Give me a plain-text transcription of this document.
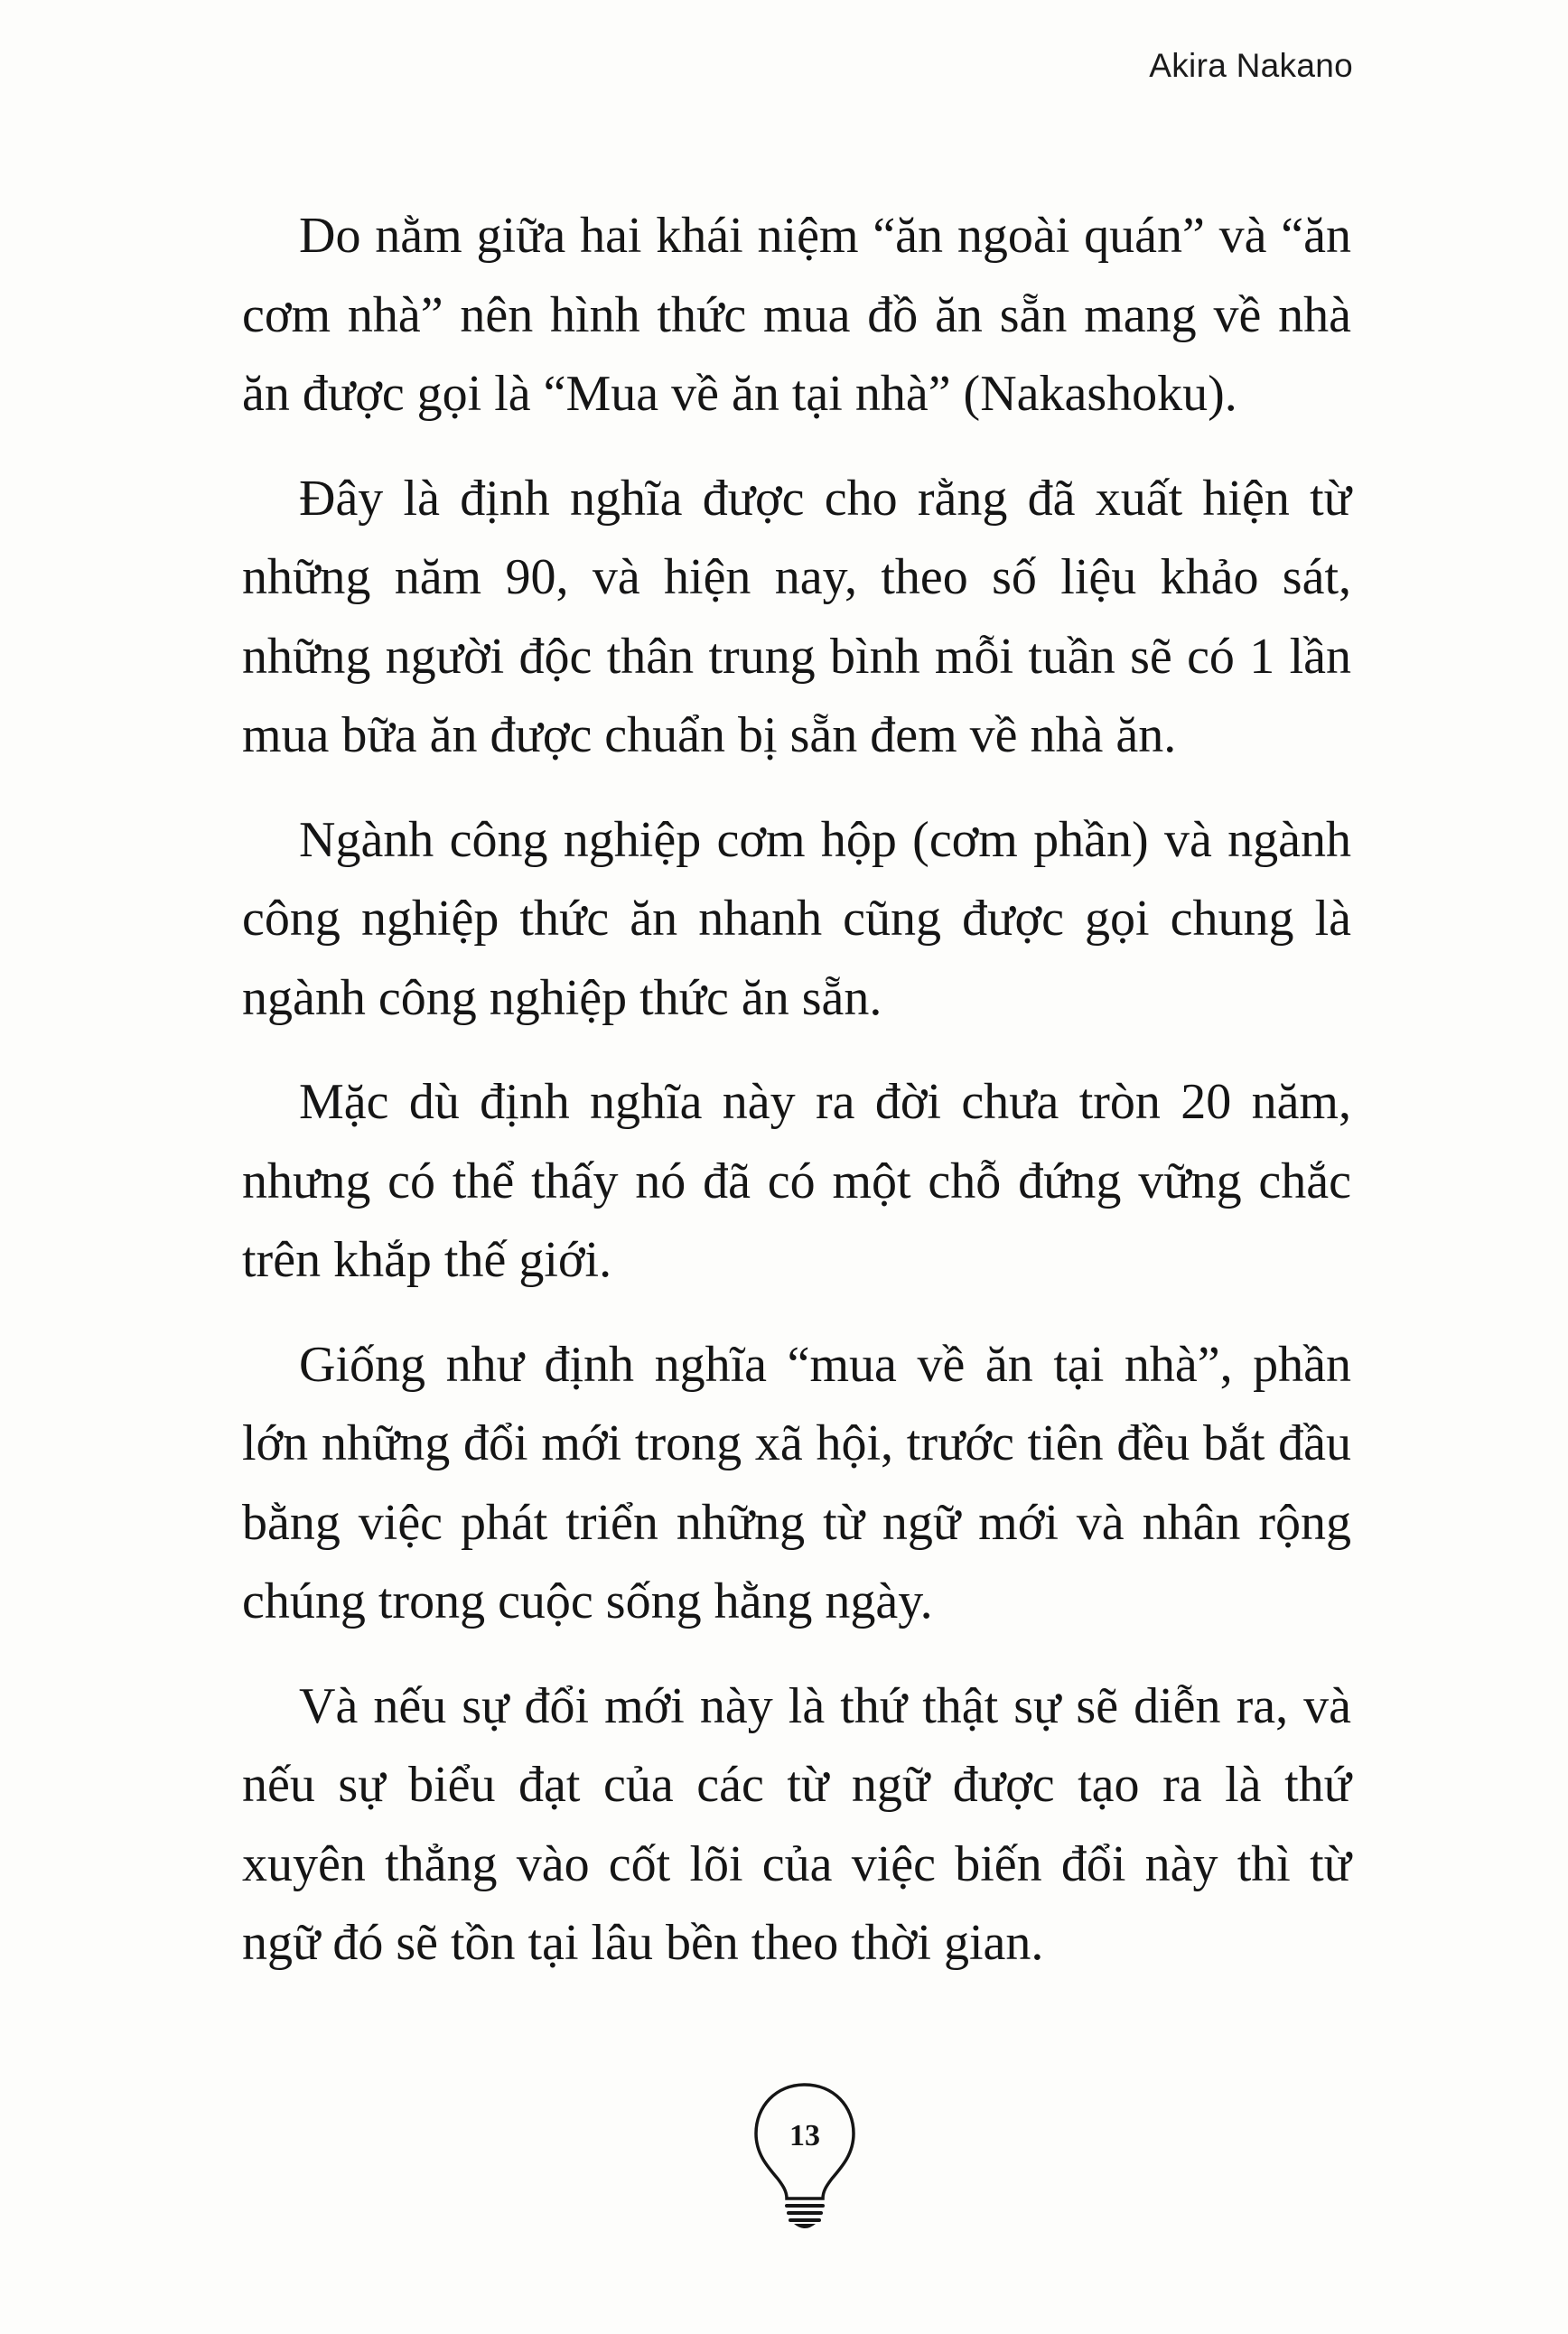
Akira Nakano

Do nằm giữa hai khái niệm “ăn ngoài quán” và “ăn cơm nhà” nên hình thức mua đồ ăn sẵn mang về nhà ăn được gọi là “Mua về ăn tại nhà” (Nakashoku).

Đây là định nghĩa được cho rằng đã xuất hiện từ những năm 90, và hiện nay, theo số liệu khảo sát, những người độc thân trung bình mỗi tuần sẽ có 1 lần mua bữa ăn được chuẩn bị sẵn đem về nhà ăn.

Ngành công nghiệp cơm hộp (cơm phần) và ngành công nghiệp thức ăn nhanh cũng được gọi chung là ngành công nghiệp thức ăn sẵn.

Mặc dù định nghĩa này ra đời chưa tròn 20 năm, nhưng có thể thấy nó đã có một chỗ đứng vững chắc trên khắp thế giới.

Giống như định nghĩa “mua về ăn tại nhà”, phần lớn những đổi mới trong xã hội, trước tiên đều bắt đầu bằng việc phát triển những từ ngữ mới và nhân rộng chúng trong cuộc sống hằng ngày.

Và nếu sự đổi mới này là thứ thật sự sẽ diễn ra, và nếu sự biểu đạt của các từ ngữ được tạo ra là thứ xuyên thẳng vào cốt lõi của việc biến đổi này thì từ ngữ đó sẽ tồn tại lâu bền theo thời gian.

13
